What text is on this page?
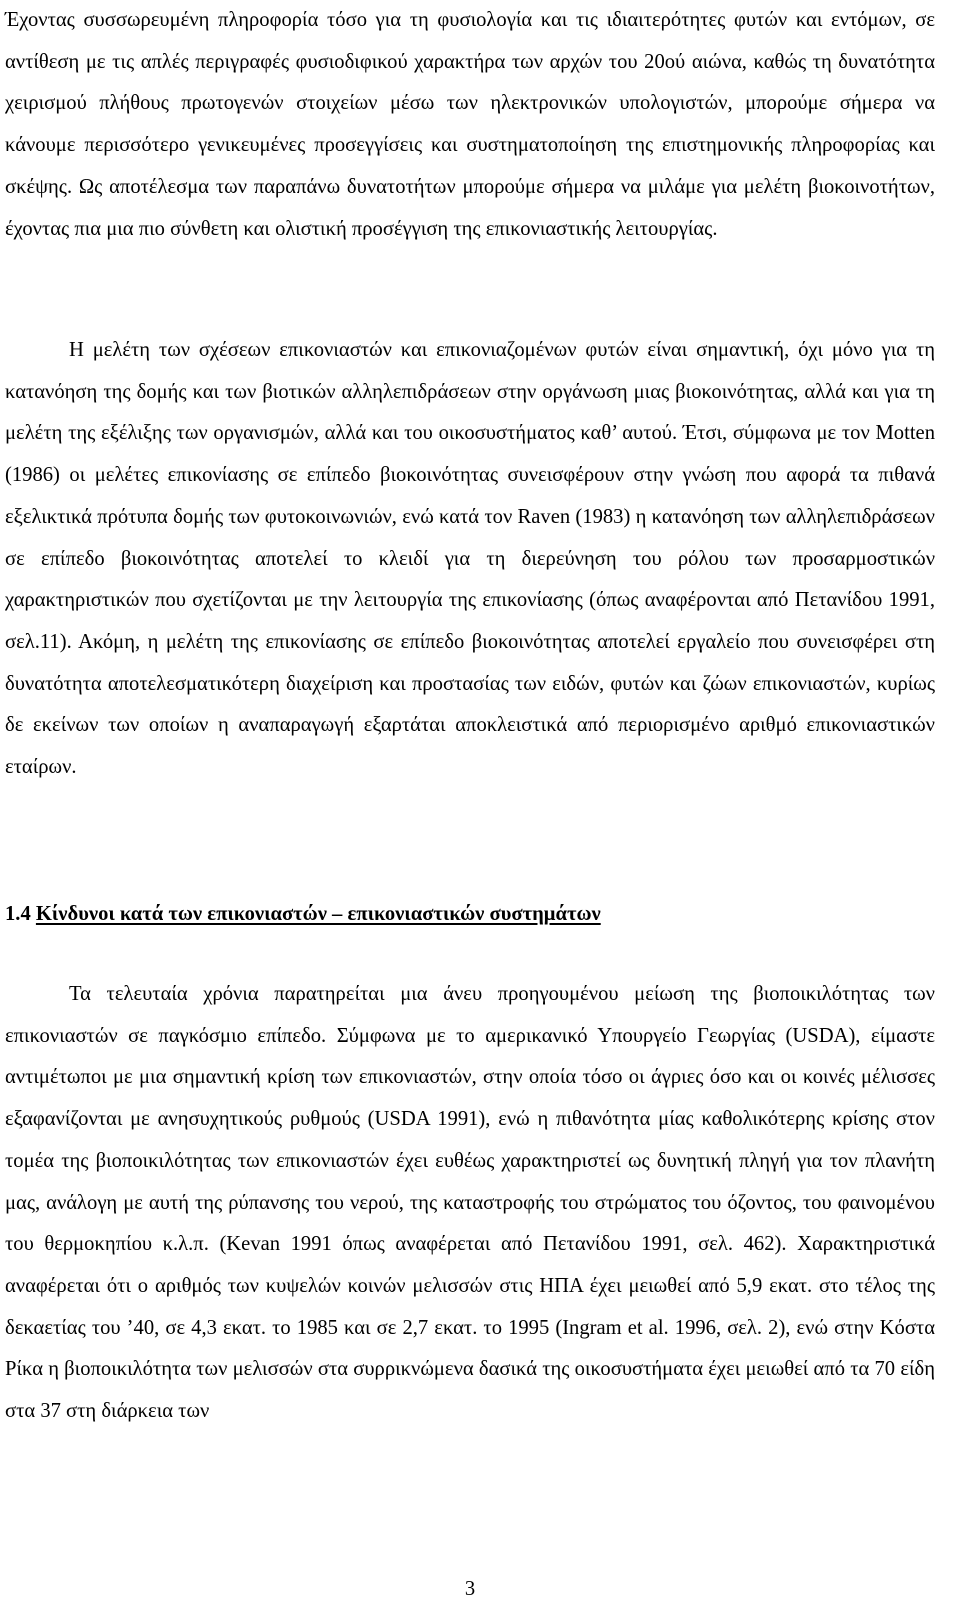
Έχοντας συσσωρευμένη πληροφορία τόσο για τη φυσιολογία και τις ιδιαιτερότητες φυτών και εντόμων, σε αντίθεση με τις απλές περιγραφές φυσιοδιφικού χαρακτήρα των αρχών του 20ού αιώνα, καθώς τη δυνατότητα χειρισμού πλήθους πρωτογενών στοιχείων μέσω των ηλεκτρονικών υπολογιστών, μπορούμε σήμερα να κάνουμε περισσότερο γενικευμένες προσεγγίσεις και συστηματοποίηση της επιστημονικής πληροφορίας και σκέψης. Ως αποτέλεσμα των παραπάνω δυνατοτήτων μπορούμε σήμερα να μιλάμε για μελέτη βιοκοινοτήτων, έχοντας πια μια πιο σύνθετη και ολιστική προσέγγιση της επικονιαστικής λειτουργίας.

Η μελέτη των σχέσεων επικονιαστών και επικονιαζομένων φυτών είναι σημαντική, όχι μόνο για τη κατανόηση της δομής και των βιοτικών αλληλεπιδράσεων στην οργάνωση μιας βιοκοινότητας, αλλά και για τη μελέτη της εξέλιξης των οργανισμών, αλλά και του οικοσυστήματος καθ’ αυτού. Έτσι, σύμφωνα με τον Motten (1986) οι μελέτες επικονίασης σε επίπεδο βιοκοινότητας συνεισφέρουν στην γνώση που αφορά τα πιθανά εξελικτικά πρότυπα δομής των φυτοκοινωνιών, ενώ κατά τον Raven (1983) η κατανόηση των αλληλεπιδράσεων σε επίπεδο βιοκοινότητας αποτελεί το κλειδί για τη διερεύνηση του ρόλου των προσαρμοστικών χαρακτηριστικών που σχετίζονται με την λειτουργία της επικονίασης (όπως αναφέρονται από Πετανίδου 1991, σελ.11). Ακόμη, η μελέτη της επικονίασης σε επίπεδο βιοκοινότητας αποτελεί εργαλείο που συνεισφέρει στη δυνατότητα αποτελεσματικότερη διαχείριση και προστασίας των ειδών, φυτών και ζώων επικονιαστών, κυρίως δε εκείνων των οποίων η αναπαραγωγή εξαρτάται αποκλειστικά από περιορισμένο αριθμό επικονιαστικών εταίρων.

1.4 Κίνδυνοι κατά των επικονιαστών – επικονιαστικών συστημάτων

Τα τελευταία χρόνια παρατηρείται μια άνευ προηγουμένου μείωση της βιοποικιλότητας των επικονιαστών σε παγκόσμιο επίπεδο. Σύμφωνα με το αμερικανικό Υπουργείο Γεωργίας (USDA), είμαστε αντιμέτωποι με μια σημαντική κρίση των επικονιαστών, στην οποία τόσο οι άγριες όσο και οι κοινές μέλισσες εξαφανίζονται με ανησυχητικούς ρυθμούς (USDA 1991), ενώ η πιθανότητα μίας καθολικότερης κρίσης στον τομέα της βιοποικιλότητας των επικονιαστών έχει ευθέως χαρακτηριστεί ως δυνητική πληγή για τον πλανήτη μας, ανάλογη με αυτή της ρύπανσης του νερού, της καταστροφής του στρώματος του όζοντος, του φαινομένου του θερμοκηπίου κ.λ.π. (Kevan 1991 όπως αναφέρεται από Πετανίδου 1991, σελ. 462). Χαρακτηριστικά αναφέρεται ότι ο αριθμός των κυψελών κοινών μελισσών στις ΗΠΑ έχει μειωθεί από 5,9 εκατ. στο τέλος της δεκαετίας του ’40, σε 4,3 εκατ. το 1985 και σε 2,7 εκατ. το 1995 (Ingram et al. 1996, σελ. 2), ενώ στην Κόστα Ρίκα η βιοποικιλότητα των μελισσών στα συρρικνώμενα δασικά της οικοσυστήματα έχει μειωθεί από τα 70 είδη στα 37 στη διάρκεια των

3
